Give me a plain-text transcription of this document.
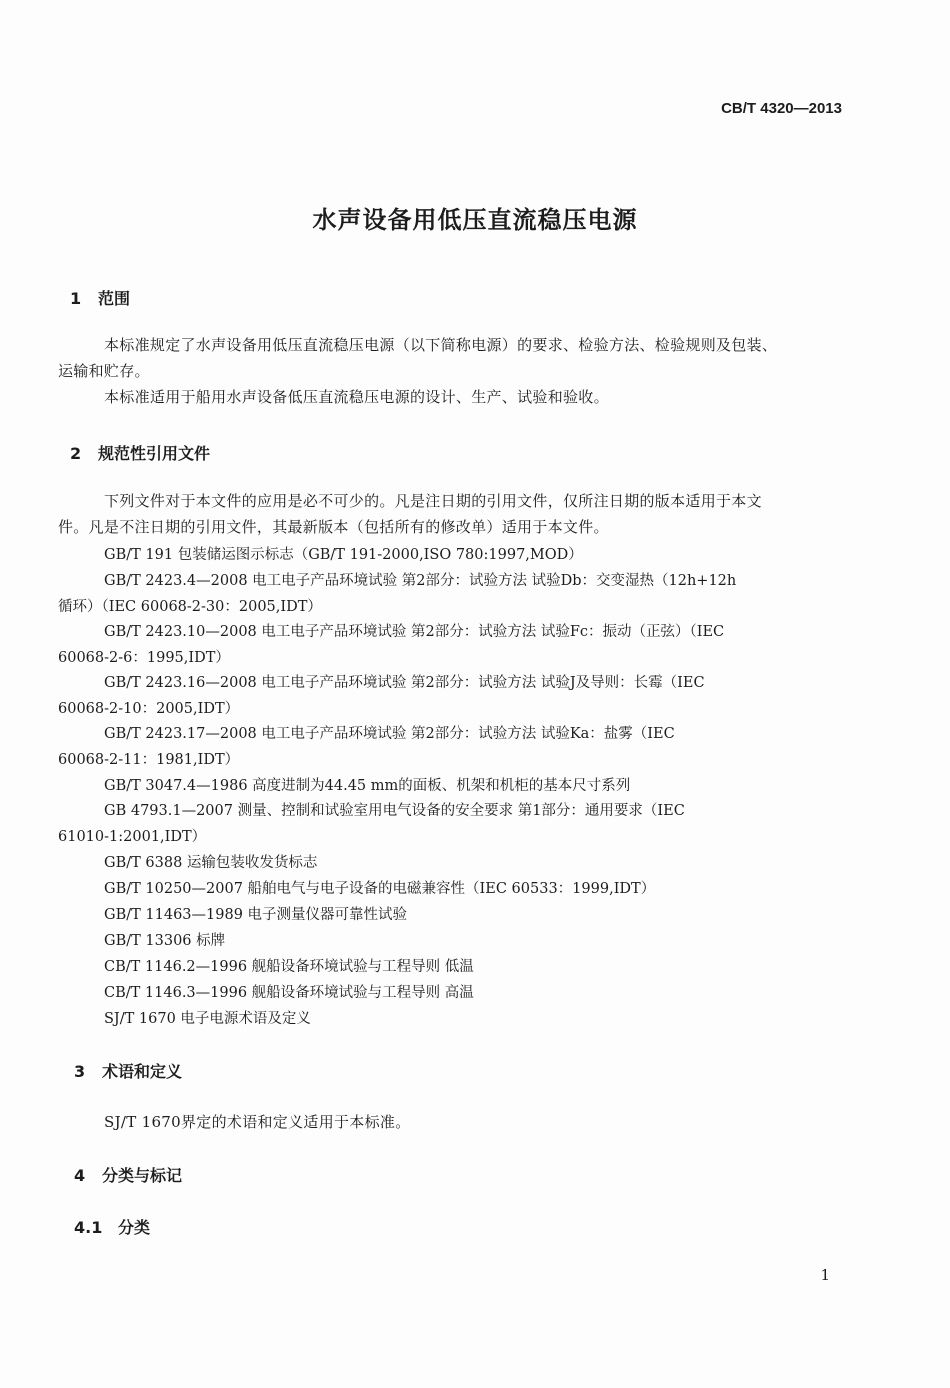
CB/T 4320—2013
水声设备用低压直流稳压电源
1 范围
本标准规定了水声设备用低压直流稳压电源（以下简称电源）的要求、检验方法、检验规则及包装、
运输和贮存。
本标准适用于船用水声设备低压直流稳压电源的设计、生产、试验和验收。
2 规范性引用文件
下列文件对于本文件的应用是必不可少的。凡是注日期的引用文件，仅所注日期的版本适用于本文
件。凡是不注日期的引用文件，其最新版本（包括所有的修改单）适用于本文件。
GB/T 191 包装储运图示标志（GB/T 191-2000,ISO 780:1997,MOD）
GB/T 2423.4—2008 电工电子产品环境试验 第2部分：试验方法 试验Db：交变湿热（12h+12h
循环）（IEC 60068-2-30：2005,IDT）
GB/T 2423.10—2008 电工电子产品环境试验 第2部分：试验方法 试验Fc：振动（正弦）（IEC
60068-2-6：1995,IDT）
GB/T 2423.16—2008 电工电子产品环境试验 第2部分：试验方法 试验J及导则：长霉（IEC
60068-2-10：2005,IDT）
GB/T 2423.17—2008 电工电子产品环境试验 第2部分：试验方法 试验Ka：盐雾（IEC
60068-2-11：1981,IDT）
GB/T 3047.4—1986 高度进制为44.45 mm的面板、机架和机柜的基本尺寸系列
GB 4793.1—2007 测量、控制和试验室用电气设备的安全要求 第1部分：通用要求（IEC
61010-1:2001,IDT）
GB/T 6388 运输包装收发货标志
GB/T 10250—2007 船舶电气与电子设备的电磁兼容性（IEC 60533：1999,IDT）
GB/T 11463—1989 电子测量仪器可靠性试验
GB/T 13306 标牌
CB/T 1146.2—1996 舰船设备环境试验与工程导则 低温
CB/T 1146.3—1996 舰船设备环境试验与工程导则 高温
SJ/T 1670 电子电源术语及定义
3 术语和定义
SJ/T 1670界定的术语和定义适用于本标准。
4 分类与标记
4.1 分类
1
